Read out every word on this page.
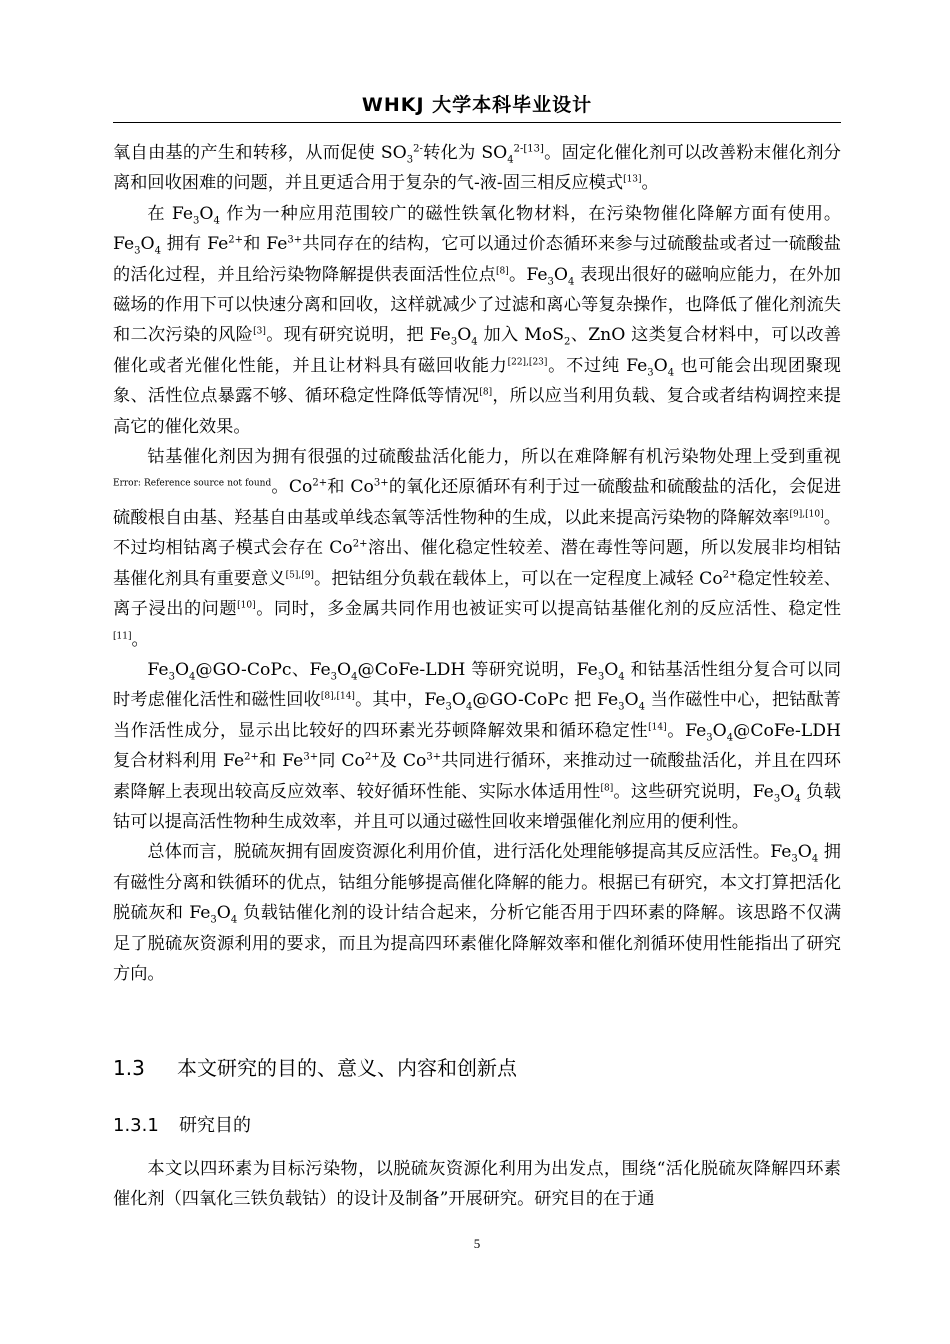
WHKJ 大学本科毕业设计

氧自由基的产生和转移，从而促使 $SO_3^{2-}$转化为 $SO_4^{2-[13]}$。固定化催化剂可以改善粉末催化剂分离和回收困难的问题，并且更适合用于复杂的气-液-固三相反应模式[13]。

在 $Fe_3O_4$ 作为一种应用范围较广的磁性铁氧化物材料，在污染物催化降解方面有使用。$Fe_3O_4$ 拥有 $Fe^{2+}$和 $Fe^{3+}$共同存在的结构，它可以通过价态循环来参与过硫酸盐或者过一硫酸盐的活化过程，并且给污染物降解提供表面活性位点[8]。$Fe_3O_4$ 表现出很好的磁响应能力，在外加磁场的作用下可以快速分离和回收，这样就减少了过滤和离心等复杂操作，也降低了催化剂流失和二次污染的风险[3]。现有研究说明，把 $Fe_3O_4$ 加入 MoS$_2$、ZnO 这类复合材料中，可以改善催化或者光催化性能，并且让材料具有磁回收能力[22],[23]。不过纯 $Fe_3O_4$ 也可能会出现团聚现象、活性位点暴露不够、循环稳定性降低等情况[8]，所以应当利用负载、复合或者结构调控来提高它的催化效果。

钴基催化剂因为拥有很强的过硫酸盐活化能力，所以在难降解有机污染物处理上受到重视$^{Error: Reference source not found}$。$Co^{2+}$和 $Co^{3+}$的氧化还原循环有利于过一硫酸盐和硫酸盐的活化，会促进硫酸根自由基、羟基自由基或单线态氧等活性物种的生成，以此来提高污染物的降解效率[9],[10]。不过均相钴离子模式会存在 $Co^{2+}$溶出、催化稳定性较差、潜在毒性等问题，所以发展非均相钴基催化剂具有重要意义[5],[9]。把钴组分负载在载体上，可以在一定程度上减轻 $Co^{2+}$稳定性较差、离子浸出的问题[10]。同时，多金属共同作用也被证实可以提高钴基催化剂的反应活性、稳定性[11]。

$Fe_3O_4@GO$-CoPc、$Fe_3O_4@CoFe$-LDH 等研究说明，$Fe_3O_4$ 和钴基活性组分复合可以同时考虑催化活性和磁性回收[8],[14]。其中，$Fe_3O_4@GO$-CoPc 把 $Fe_3O_4$ 当作磁性中心，把钴酞菁当作活性成分，显示出比较好的四环素光芬顿降解效果和循环稳定性[14]。$Fe_3O_4@CoFe$-LDH 复合材料利用 $Fe^{2+}$和 $Fe^{3+}$同 $Co^{2+}$及 $Co^{3+}$共同进行循环，来推动过一硫酸盐活化，并且在四环素降解上表现出较高反应效率、较好循环性能、实际水体适用性[8]。这些研究说明，$Fe_3O_4$ 负载钴可以提高活性物种生成效率，并且可以通过磁性回收来增强催化剂应用的便利性。

总体而言，脱硫灰拥有固废资源化利用价值，进行活化处理能够提高其反应活性。$Fe_3O_4$ 拥有磁性分离和铁循环的优点，钴组分能够提高催化降解的能力。根据已有研究，本文打算把活化脱硫灰和 $Fe_3O_4$ 负载钴催化剂的设计结合起来，分析它能否用于四环素的降解。该思路不仅满足了脱硫灰资源利用的要求，而且为提高四环素催化降解效率和催化剂循环使用性能指出了研究方向。

1.3 本文研究的目的、意义、内容和创新点
1.3.1 研究目的

本文以四环素为目标污染物，以脱硫灰资源化利用为出发点，围绕“活化脱硫灰降解四环素催化剂（四氧化三铁负载钴）的设计及制备”开展研究。研究目的在于通

5
